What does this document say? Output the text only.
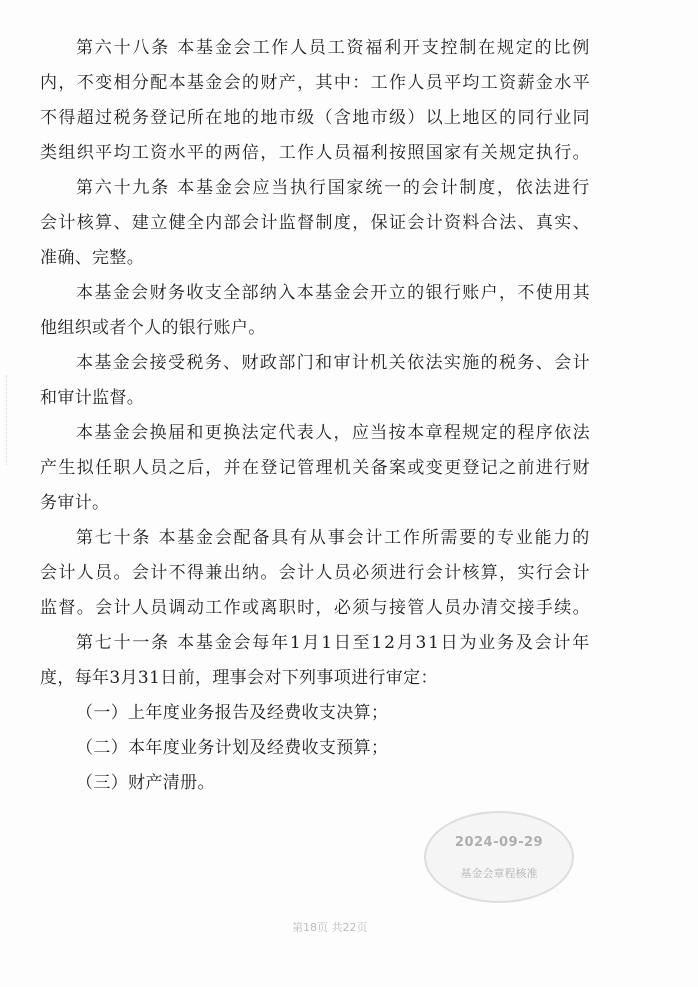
第六十八条 本基金会工作人员工资福利开支控制在规定的比例
内，不变相分配本基金会的财产，其中：工作人员平均工资薪金水平
不得超过税务登记所在地的地市级（含地市级）以上地区的同行业同
类组织平均工资水平的两倍，工作人员福利按照国家有关规定执行。
第六十九条 本基金会应当执行国家统一的会计制度，依法进行
会计核算、建立健全内部会计监督制度，保证会计资料合法、真实、
准确、完整。
本基金会财务收支全部纳入本基金会开立的银行账户，不使用其
他组织或者个人的银行账户。
本基金会接受税务、财政部门和审计机关依法实施的税务、会计
和审计监督。
本基金会换届和更换法定代表人，应当按本章程规定的程序依法
产生拟任职人员之后，并在登记管理机关备案或变更登记之前进行财
务审计。
第七十条 本基金会配备具有从事会计工作所需要的专业能力的
会计人员。会计不得兼出纳。会计人员必须进行会计核算，实行会计
监督。会计人员调动工作或离职时，必须与接管人员办清交接手续。
第七十一条 本基金会每年1月1日至12月31日为业务及会计年
度，每年3月31日前，理事会对下列事项进行审定：
（一）上年度业务报告及经费收支决算；
（二）本年度业务计划及经费收支预算；
（三）财产清册。
2024-09-29
基金会章程核准
第18页 共22页
